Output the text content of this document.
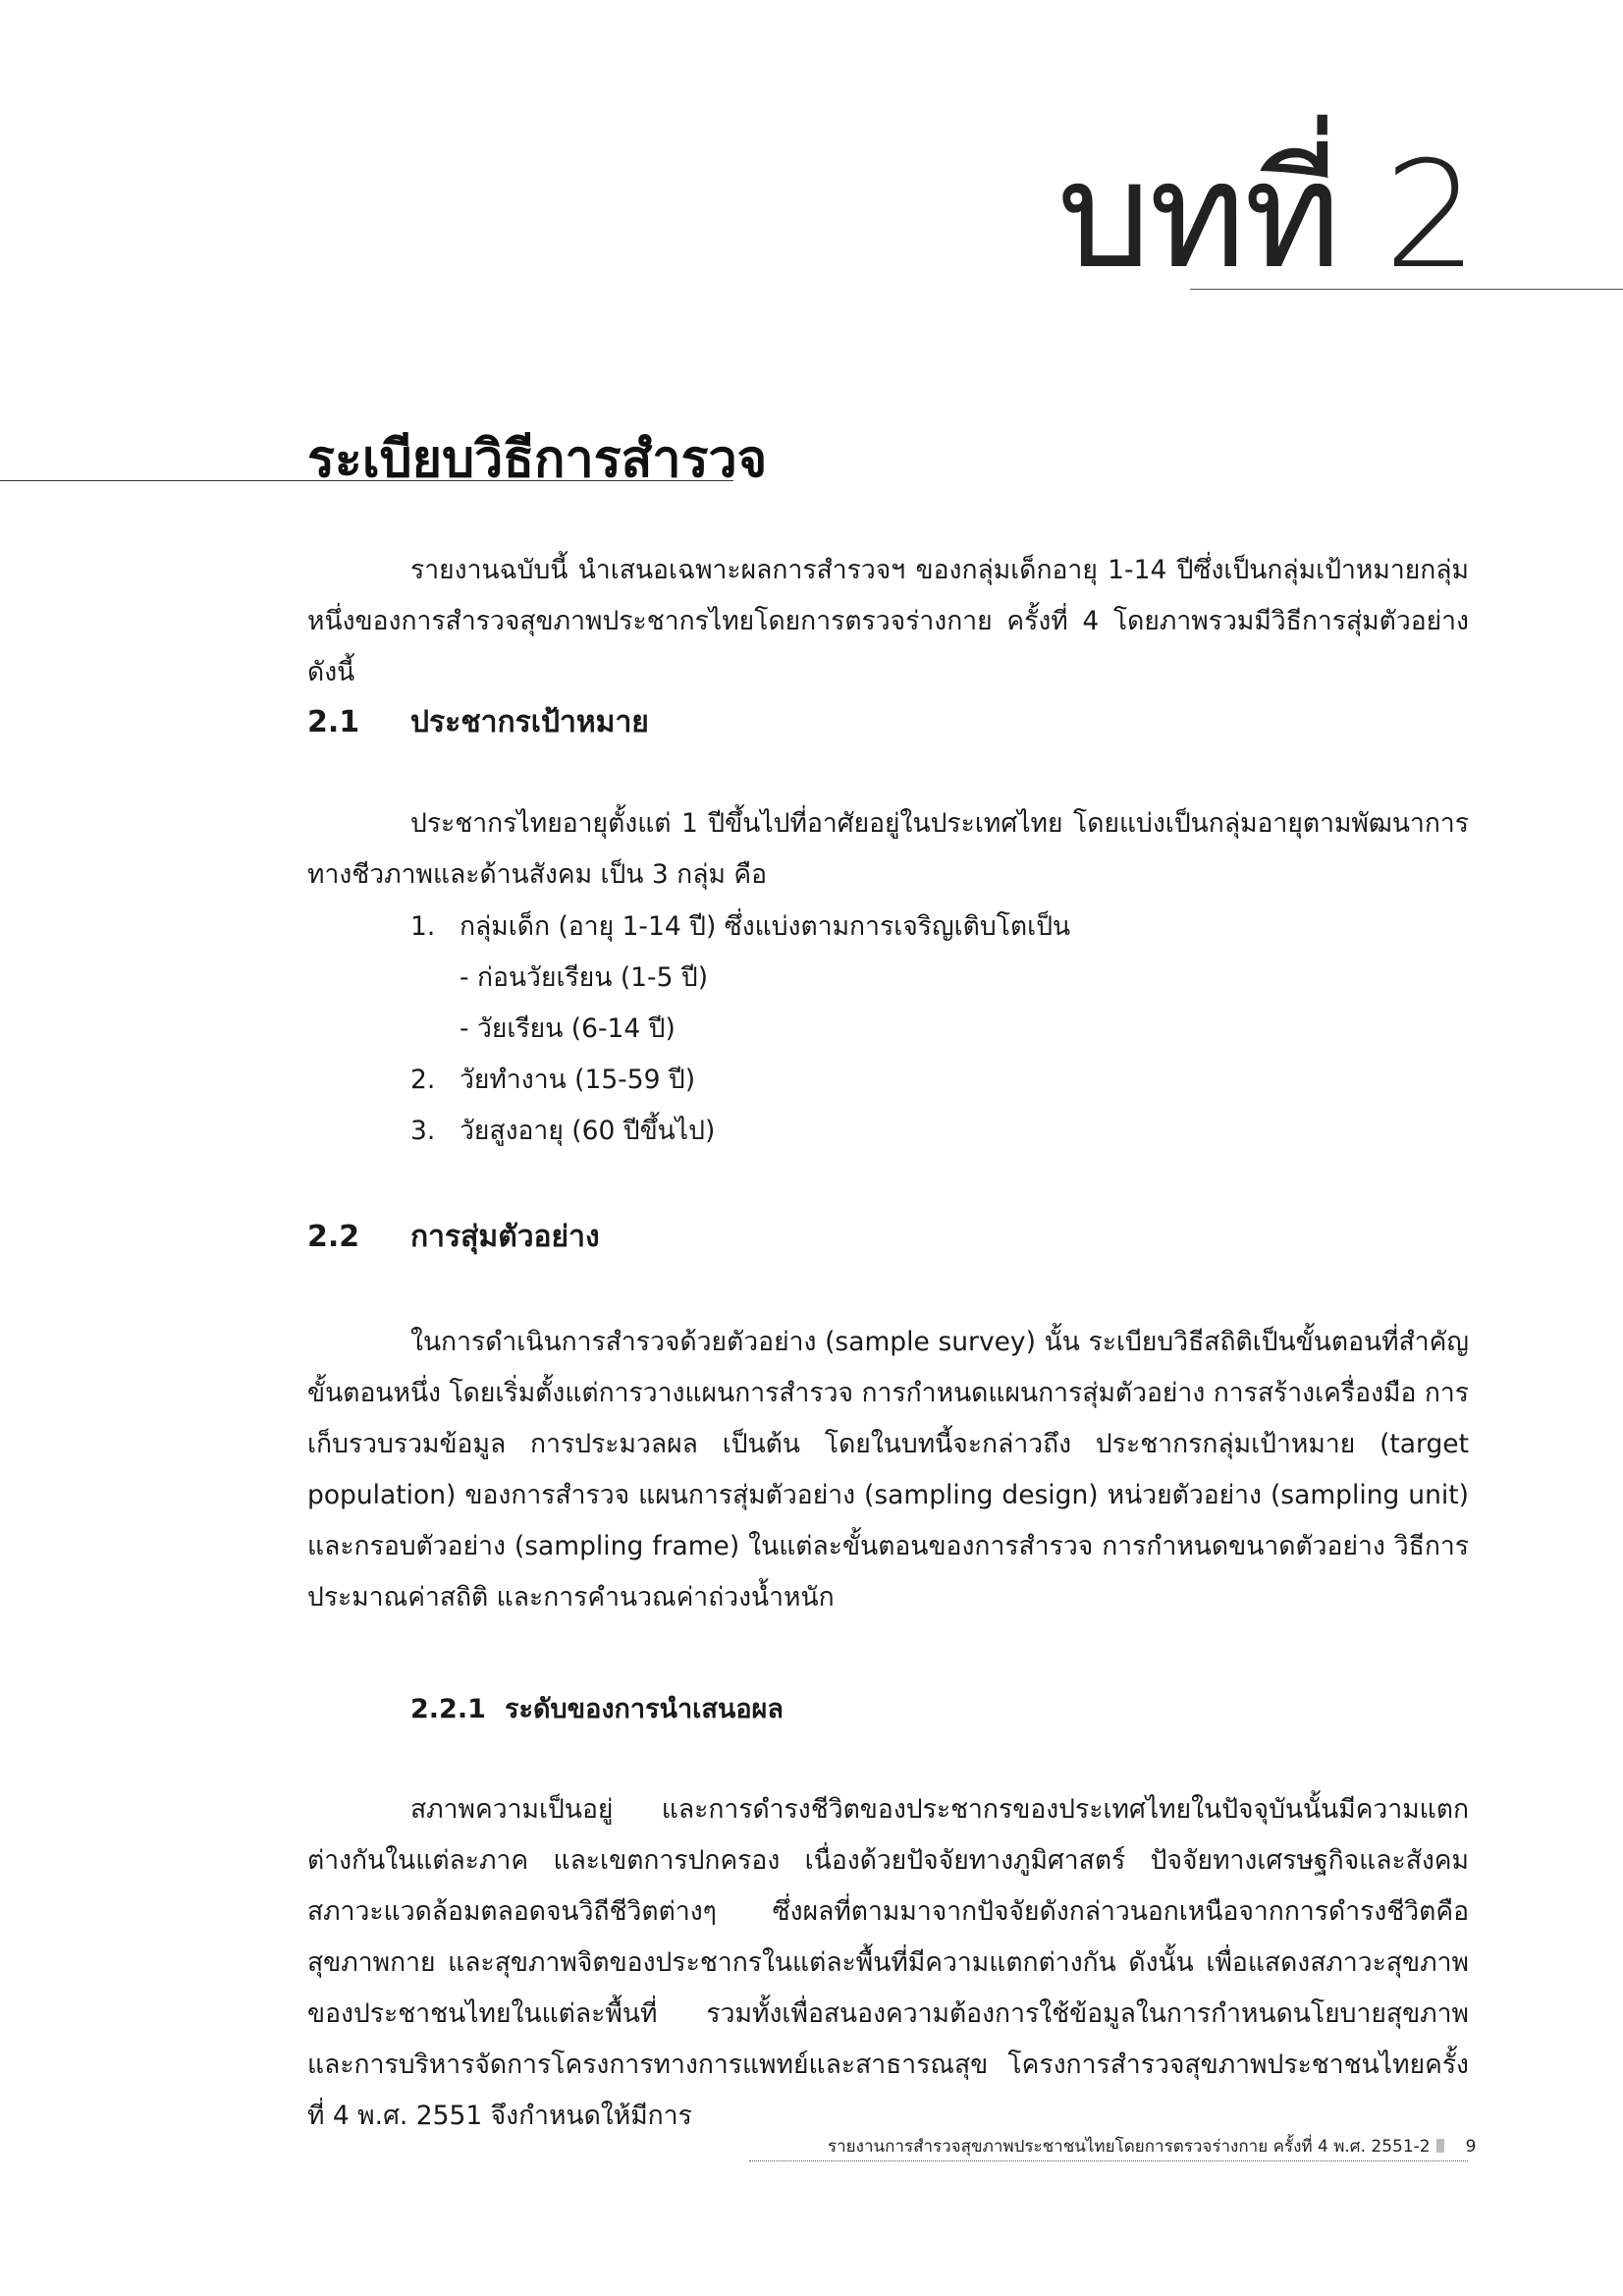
บทที่ 2
ระเบียบวิธีการสำรวจ

รายงานฉบับนี้ นำเสนอเฉพาะผลการสำรวจฯ ของกลุ่มเด็กอายุ 1-14 ปีซึ่งเป็นกลุ่มเป้าหมายกลุ่มหนึ่งของการสำรวจสุขภาพประชากรไทยโดยการตรวจร่างกาย ครั้งที่ 4 โดยภาพรวมมีวิธีการสุ่มตัวอย่างดังนี้

2.1 ประชากรเป้าหมาย

ประชากรไทยอายุตั้งแต่ 1 ปีขึ้นไปที่อาศัยอยู่ในประเทศไทย โดยแบ่งเป็นกลุ่มอายุตามพัฒนาการทางชีวภาพและด้านสังคม เป็น 3 กลุ่ม คือ

1. กลุ่มเด็ก (อายุ 1-14 ปี) ซึ่งแบ่งตามการเจริญเติบโตเป็น
- ก่อนวัยเรียน (1-5 ปี)
- วัยเรียน (6-14 ปี)
2. วัยทำงาน (15-59 ปี)
3. วัยสูงอายุ (60 ปีขึ้นไป)
2.2 การสุ่มตัวอย่าง

ในการดำเนินการสำรวจด้วยตัวอย่าง (sample survey) นั้น ระเบียบวิธีสถิติเป็นขั้นตอนที่สำคัญขั้นตอนหนึ่ง โดยเริ่มตั้งแต่การวางแผนการสำรวจ การกำหนดแผนการสุ่มตัวอย่าง การสร้างเครื่องมือ การเก็บรวบรวมข้อมูล การประมวลผล เป็นต้น โดยในบทนี้จะกล่าวถึง ประชากรกลุ่มเป้าหมาย (target population) ของการสำรวจ แผนการสุ่มตัวอย่าง (sampling design) หน่วยตัวอย่าง (sampling unit) และกรอบตัวอย่าง (sampling frame) ในแต่ละขั้นตอนของการสำรวจ การกำหนดขนาดตัวอย่าง วิธีการประมาณค่าสถิติ และการคำนวณค่าถ่วงน้ำหนัก

2.2.1 ระดับของการนำเสนอผล

สภาพความเป็นอยู่ และการดำรงชีวิตของประชากรของประเทศไทยในปัจจุบันนั้นมีความแตกต่างกันในแต่ละภาค และเขตการปกครอง เนื่องด้วยปัจจัยทางภูมิศาสตร์ ปัจจัยทางเศรษฐกิจและสังคม สภาวะแวดล้อมตลอดจนวิถีชีวิตต่างๆ ซึ่งผลที่ตามมาจากปัจจัยดังกล่าวนอกเหนือจากการดำรงชีวิตคือ สุขภาพกาย และสุขภาพจิตของประชากรในแต่ละพื้นที่มีความแตกต่างกัน ดังนั้น เพื่อแสดงสภาวะสุขภาพของประชาชนไทยในแต่ละพื้นที่ รวมทั้งเพื่อสนองความต้องการใช้ข้อมูลในการกำหนดนโยบายสุขภาพและการบริหารจัดการโครงการทางการแพทย์และสาธารณสุข โครงการสำรวจสุขภาพประชาชนไทยครั้งที่ 4 พ.ศ. 2551 จึงกำหนดให้มีการ

รายงานการสำรวจสุขภาพประชาชนไทยโดยการตรวจร่างกาย ครั้งที่ 4 พ.ศ. 2551-2 9
